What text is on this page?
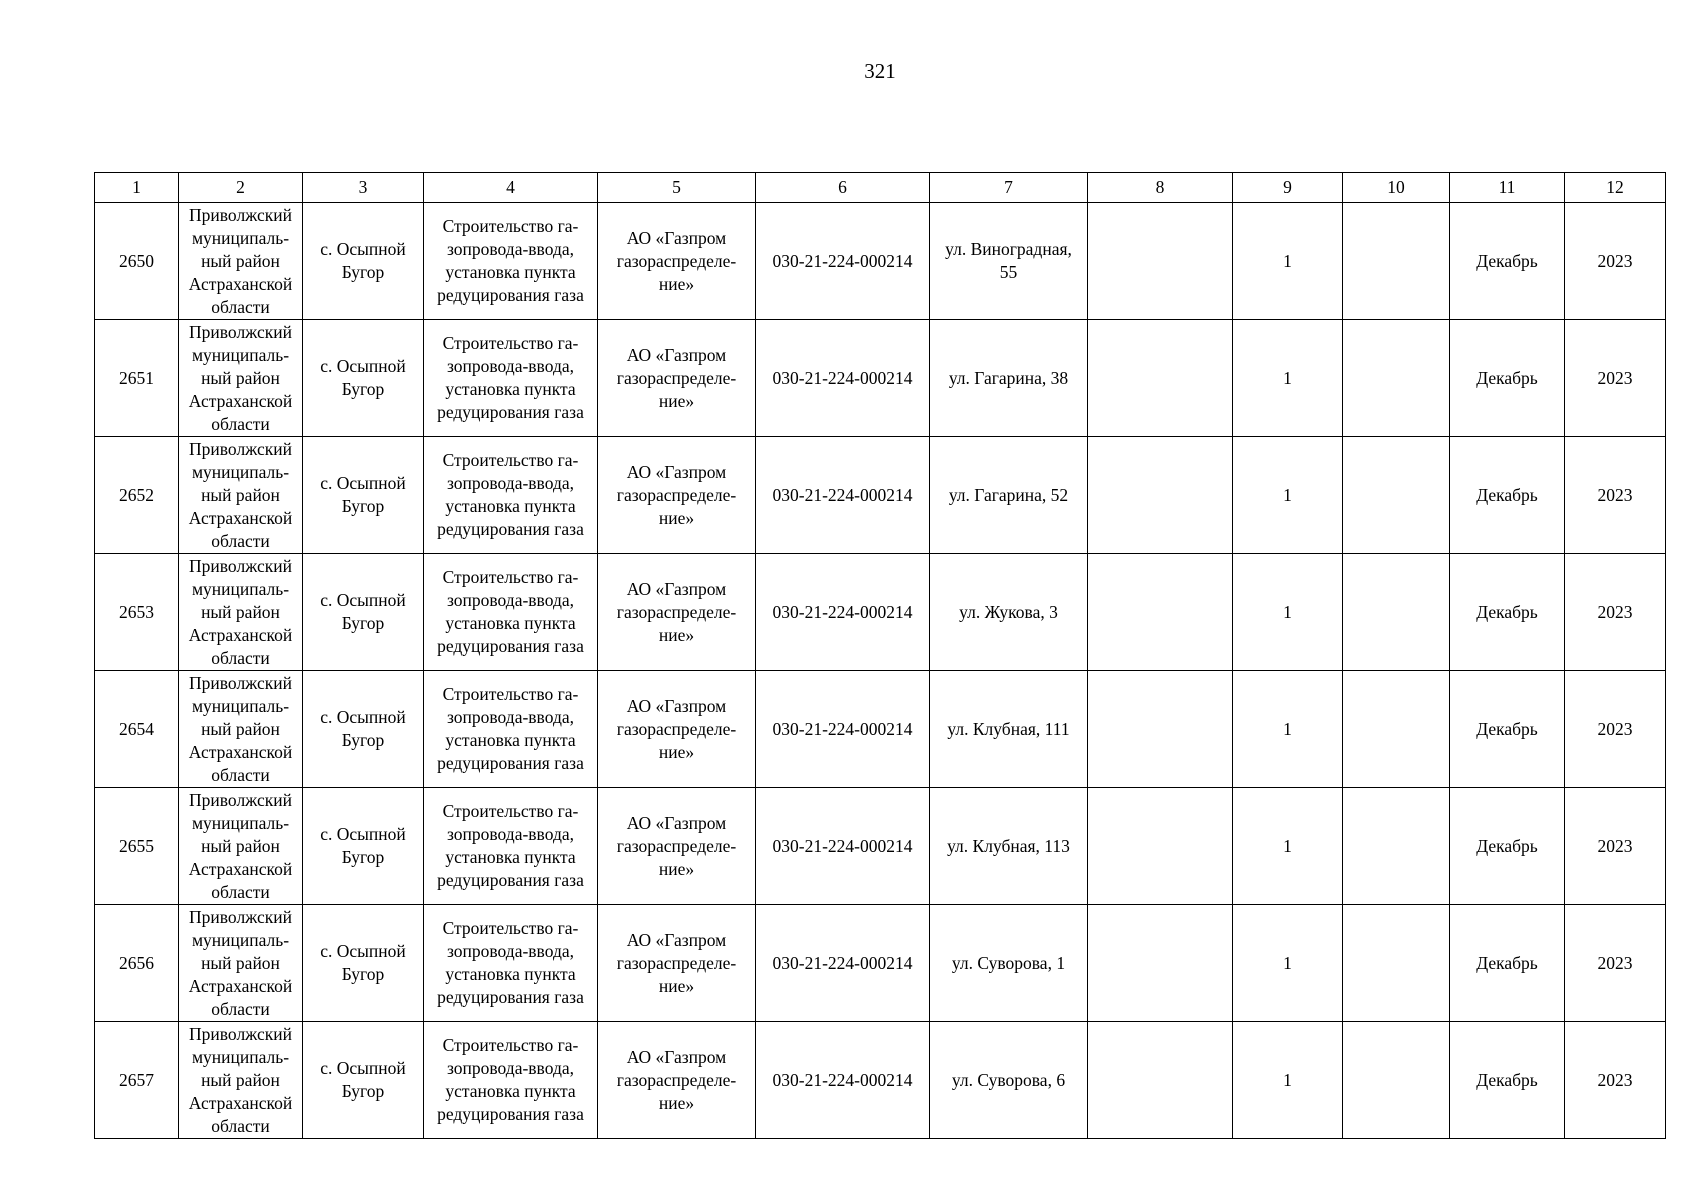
321
1	2	3	4	5	6	7	8	9	10	11	12
2650	Приволжский
муниципаль-
ный район
Астраханской
области	с. Осыпной
Бугор	Строительство га-
зопровода-ввода,
установка пункта
редуцирования газа	АО «Газпром
газораспределе-
ние»	030-21-224-000214	ул. Виноградная,
55		1		Декабрь	2023
2651	Приволжский
муниципаль-
ный район
Астраханской
области	с. Осыпной
Бугор	Строительство га-
зопровода-ввода,
установка пункта
редуцирования газа	АО «Газпром
газораспределе-
ние»	030-21-224-000214	ул. Гагарина, 38		1		Декабрь	2023
2652	Приволжский
муниципаль-
ный район
Астраханской
области	с. Осыпной
Бугор	Строительство га-
зопровода-ввода,
установка пункта
редуцирования газа	АО «Газпром
газораспределе-
ние»	030-21-224-000214	ул. Гагарина, 52		1		Декабрь	2023
2653	Приволжский
муниципаль-
ный район
Астраханской
области	с. Осыпной
Бугор	Строительство га-
зопровода-ввода,
установка пункта
редуцирования газа	АО «Газпром
газораспределе-
ние»	030-21-224-000214	ул. Жукова, 3		1		Декабрь	2023
2654	Приволжский
муниципаль-
ный район
Астраханской
области	с. Осыпной
Бугор	Строительство га-
зопровода-ввода,
установка пункта
редуцирования газа	АО «Газпром
газораспределе-
ние»	030-21-224-000214	ул. Клубная, 111		1		Декабрь	2023
2655	Приволжский
муниципаль-
ный район
Астраханской
области	с. Осыпной
Бугор	Строительство га-
зопровода-ввода,
установка пункта
редуцирования газа	АО «Газпром
газораспределе-
ние»	030-21-224-000214	ул. Клубная, 113		1		Декабрь	2023
2656	Приволжский
муниципаль-
ный район
Астраханской
области	с. Осыпной
Бугор	Строительство га-
зопровода-ввода,
установка пункта
редуцирования газа	АО «Газпром
газораспределе-
ние»	030-21-224-000214	ул. Суворова, 1		1		Декабрь	2023
2657	Приволжский
муниципаль-
ный район
Астраханской
области	с. Осыпной
Бугор	Строительство га-
зопровода-ввода,
установка пункта
редуцирования газа	АО «Газпром
газораспределе-
ние»	030-21-224-000214	ул. Суворова, 6		1		Декабрь	2023
